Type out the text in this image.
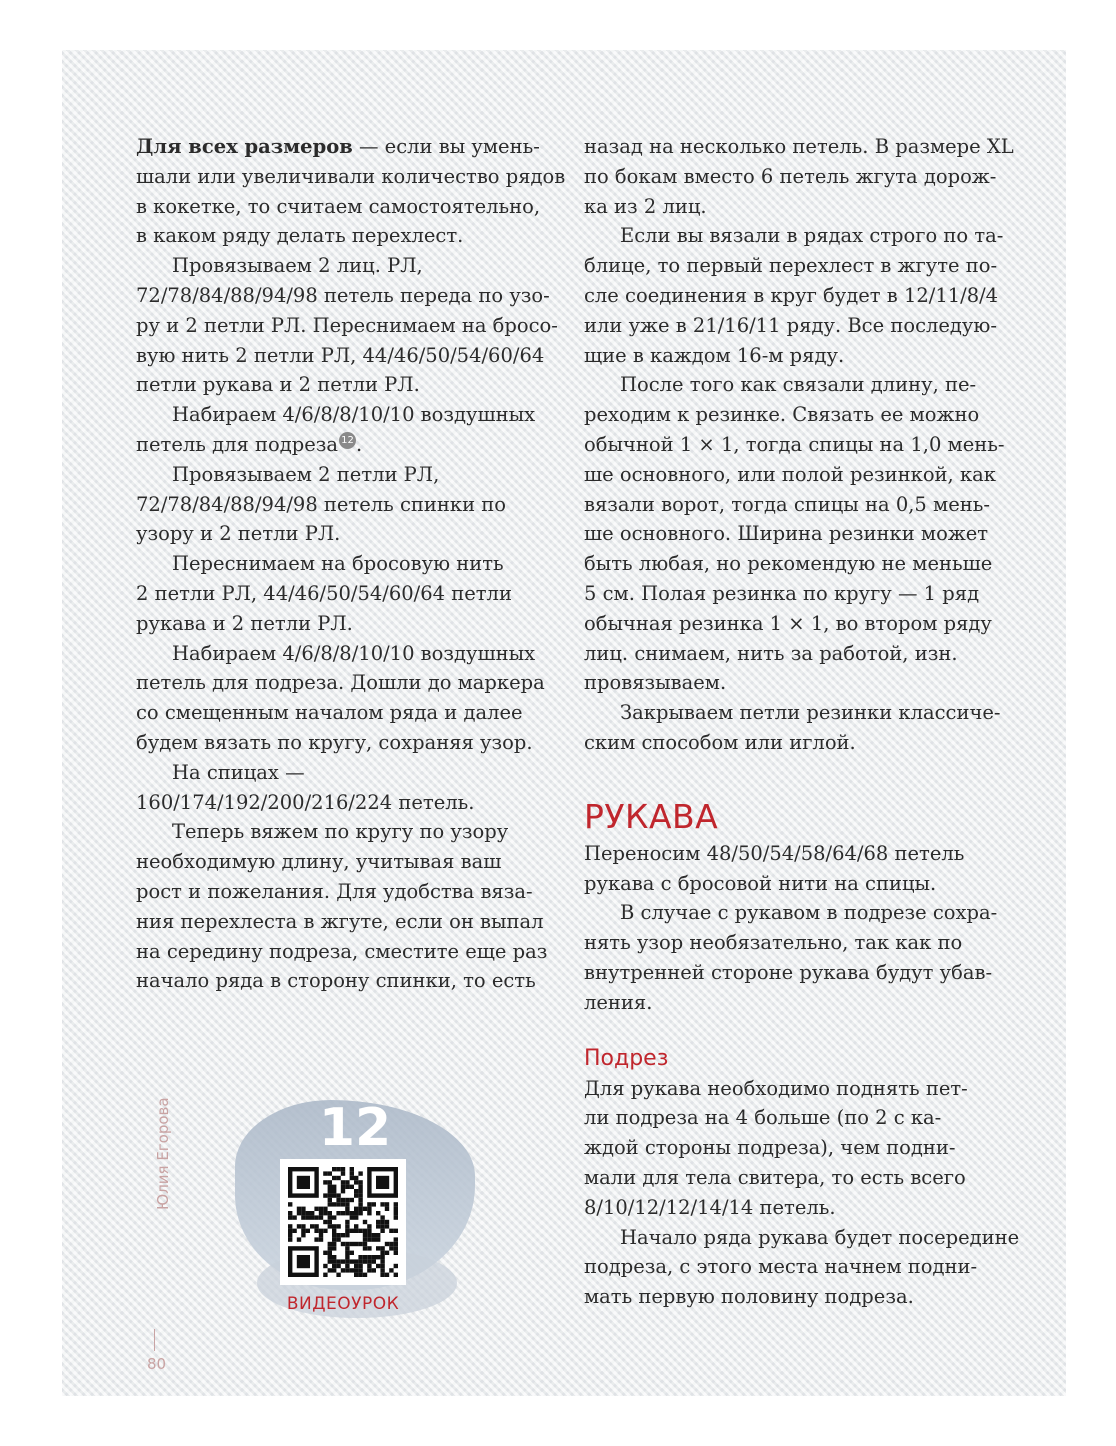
Для всех размеров — если вы умень-
шали или увеличивали количество рядов
в кокетке, то считаем самостоятельно,
в каком ряду делать перехлест.
Провязываем 2 лиц. РЛ,
72/78/84/88/94/98 петель переда по узо-
ру и 2 петли РЛ. Переснимаем на бросо-
вую нить 2 петли РЛ, 44/46/50/54/60/64
петли рукава и 2 петли РЛ.
Набираем 4/6/8/8/10/10 воздушных
петель для подреза 12 .
Провязываем 2 петли РЛ,
72/78/84/88/94/98 петель спинки по
узору и 2 петли РЛ.
Переснимаем на бросовую нить
2 петли РЛ, 44/46/50/54/60/64 петли
рукава и 2 петли РЛ.
Набираем 4/6/8/8/10/10 воздушных
петель для подреза. Дошли до маркера
со смещенным началом ряда и далее
будем вязать по кругу, сохраняя узор.
На спицах —
160/174/192/200/216/224 петель.
Теперь вяжем по кругу по узору
необходимую длину, учитывая ваш
рост и пожелания. Для удобства вяза-
ния перехлеста в жгуте, если он выпал
на середину подреза, сместите еще раз
начало ряда в сторону спинки, то есть
назад на несколько петель. В размере XL
по бокам вместо 6 петель жгута дорож-
ка из 2 лиц.
Если вы вязали в рядах строго по та-
блице, то первый перехлест в жгуте по-
сле соединения в круг будет в 12/11/8/4
или уже в 21/16/11 ряду. Все последую-
щие в каждом 16-м ряду.
После того как связали длину, пе-
реходим к резинке. Связать ее можно
обычной 1 × 1, тогда спицы на 1,0 мень-
ше основного, или полой резинкой, как
вязали ворот, тогда спицы на 0,5 мень-
ше основного. Ширина резинки может
быть любая, но рекомендую не меньше
5 см. Полая резинка по кругу — 1 ряд
обычная резинка 1 × 1, во втором ряду
лиц. снимаем, нить за работой, изн.
провязываем.
Закрываем петли резинки классиче-
ским способом или иглой.
РУКАВА
Переносим 48/50/54/58/64/68 петель
рукава с бросовой нити на спицы.
В случае с рукавом в подрезе сохра-
нять узор необязательно, так как по
внутренней стороне рукава будут убав-
ления.
Подрез
Для рукава необходимо поднять пет-
ли подреза на 4 больше (по 2 с ка-
ждой стороны подреза), чем подни-
мали для тела свитера, то есть всего
8/10/12/12/14/14 петель.
Начало ряда рукава будет посередине
подреза, с этого места начнем подни-
мать первую половину подреза.
12
ВИДЕОУРОК
Юлия Егорова
80
